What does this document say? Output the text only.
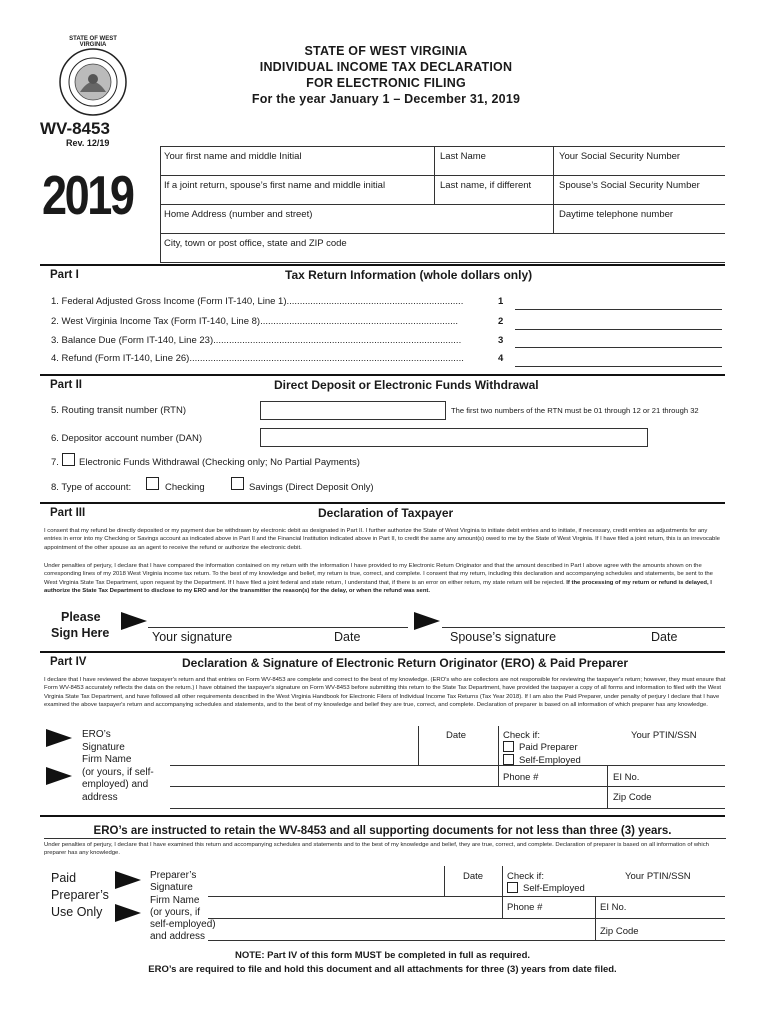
STATE OF WEST VIRGINIA	STATE OF WEST VIRGINIA
INDIVIDUAL INCOME TAX DECLARATION
FOR ELECTRONIC FILING
For the year January 1 – December 31, 2019
WV-8453
Rev. 12/19
2019
Your first name and middle Initial	Last Name	Your Social Security Number
If a joint return, spouse’s first name and middle initial	Last name, if different	Spouse’s Social Security Number
Home Address (number and street)	Daytime telephone number
City, town or post office, state and ZIP code
Part I	Tax Return Information (whole dollars only)
1. Federal Adjusted Gross Income (Form IT-140, Line 1)...................................................................	1
2. West Virginia Income Tax (Form IT-140, Line 8)...........................................................................	2
3. Balance Due (Form IT-140, Line 23)..............................................................................................	3
4. Refund (Form IT-140, Line 26)........................................................................................................	4
Part II	Direct Deposit or Electronic Funds Withdrawal
5. Routing transit number (RTN)	The first two numbers of the RTN must be 01 through 12 or 21 through 32
6. Depositor account number (DAN)
7. Electronic Funds Withdrawal (Checking only; No Partial Payments)
8. Type of account:	Checking	Savings (Direct Deposit Only)
Part III	Declaration of Taxpayer
I consent that my refund be directly deposited or my payment due be withdrawn by electronic debit as designated in Part II. I further authorize the State of West Virginia to initiate debit entries and to initiate, if necessary, credit entries as adjustments for any entries in error into my Checking or Savings account as indicated above in Part II and the Financial Institution indicated above in Part II, to credit the same any amount(s) owed to me by the State of West Virginia. If I have filed a joint return, this is an irrevocable appointment of the other spouse as an agent to receive the refund or authorize the electronic debit.
Under penalties of perjury, I declare that I have compared the information contained on my return with the information I have provided to my Electronic Return Originator and that the amount described in Part I above agree with the amounts shown on the corresponding lines of my 2018 West Virginia income tax return. To the best of my knowledge and belief, my return is true, correct, and complete. I consent that my return, including this declaration and accompanying schedules and statements, be sent to the West Virginia State Tax Department, upon request by the Department. If I have filed a joint federal and state return, I understand that, if there is an error on either return, my state return will be rejected. If the processing of my return or refund is delayed, I authorize the State Tax Department to disclose to my ERO and /or the transmitter the reason(s) for the delay, or when the refund was sent.
Please
Sign Here	Your signature	Date	Spouse’s signature	Date
Part IV	Declaration & Signature of Electronic Return Originator (ERO) & Paid Preparer
I declare that I have reviewed the above taxpayer's return and that entries on Form WV-8453 are complete and correct to the best of my knowledge. (ERO's who are collectors are not responsible for reviewing the taxpayer's return; however, they must ensure that Form WV-8453 accurately reflects the data on the return.) I have obtained the taxpayer's signature on Form WV-8453 before submitting this return to the State Tax Department, have provided the taxpayer a copy of all forms and information to filed with the West Virginia State Tax Department, and have followed all other requirements described in the West Virginia Handbook for Electronic Filers of Individual Income Tax Returns (Tax Year 2018). If I am also the Paid Preparer, under penalty of perjury I declare that I have examined the above taxpayer's return and accompanying schedules and statements, and to the best of my knowledge and belief they are true, correct, and complete. Declaration of preparer is based on all information of which preparer has any knowledge.
ERO’s
Signature
Firm Name
(or yours, if self-
employed) and
address
Date	Check if:
Paid Preparer
Self-Employed
Your PTIN/SSN
Phone #	EI No.
Zip Code
ERO’s are instructed to retain the WV-8453 and all supporting documents for not less than three (3) years.
Under penalties of perjury, I declare that I have examined this return and accompanying schedules and statements and to the best of my knowledge and belief, they are true, correct, and complete. Declaration of preparer is based on all information of which preparer has any knowledge.
Paid
Preparer’s
Use Only
Preparer’s
Signature
Firm Name
(or yours, if
self-employed)
and address
Date	Check if:
Self-Employed
Your PTIN/SSN
Phone #	EI No.
Zip Code
NOTE: Part IV of this form MUST be completed in full as required.
ERO’s are required to file and hold this document and all attachments for three (3) years from date filed.
